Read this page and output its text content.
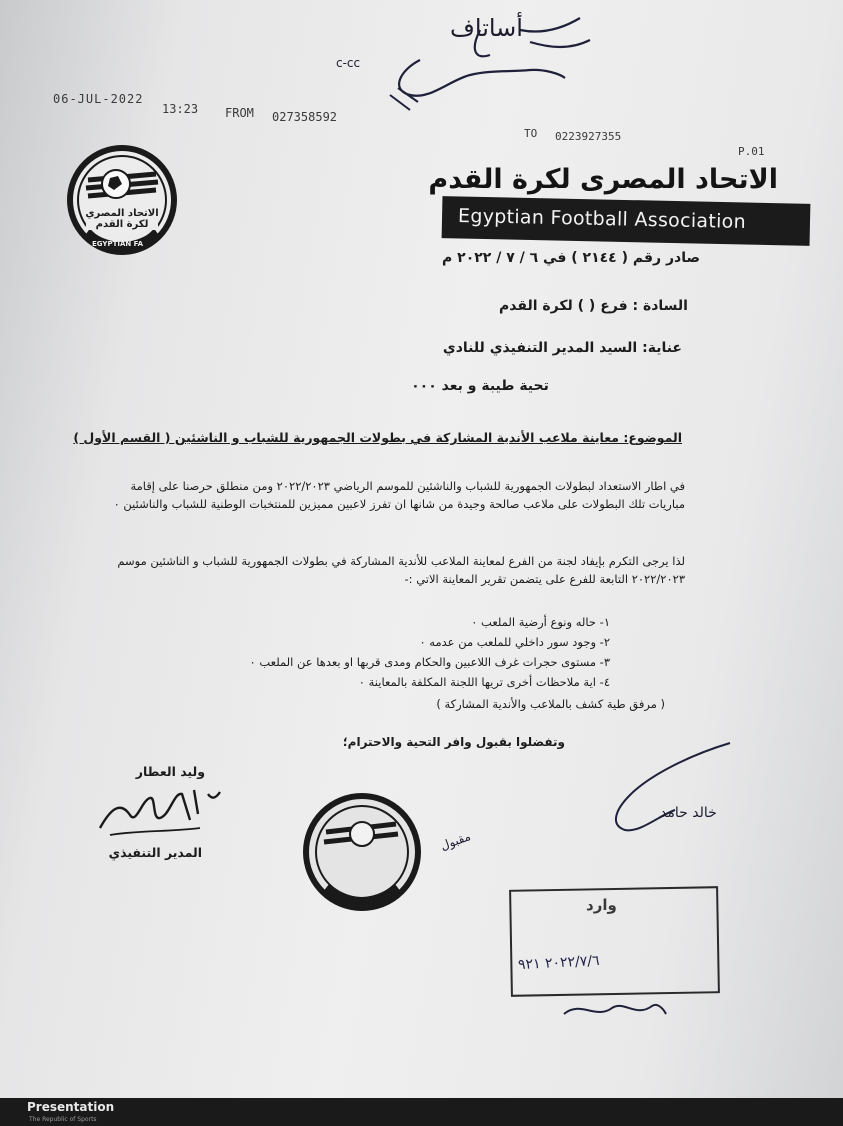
أساتاف
c-cc
06-JUL-2022
13:23 FROM 027358592
TO 0223927355
P.01
الاتحاد المصري لكرة القدم
EGYPTIAN FA
الاتحاد المصرى لكرة القدم
Egyptian Football Association
صادر رقم ( ٢١٤٤ ) في ٦ / ٧ / ٢٠٢٢ م
السادة : فرع ( ) لكرة القدم
عناية: السيد المدير التنفيذي للنادي
تحية طيبة و بعد ٠٠٠
الموضوع: معاينة ملاعب الأندية المشاركة في بطولات الجمهورية للشباب و الناشئين ( القسم الأول )
في اطار الاستعداد لبطولات الجمهورية للشباب والناشئين للموسم الرياضي ٢٠٢٢/٢٠٢٣ ومن منطلق حرصنا على إقامة مباريات تلك البطولات على ملاعب صالحة وجيدة من شانها ان تفرز لاعبين مميزين للمنتخبات الوطنية للشباب والناشئين ٠
لذا يرجى التكرم بإيفاد لجنة من الفرع لمعاينة الملاعب للأندية المشاركة في بطولات الجمهورية للشباب و الناشئين موسم ٢٠٢٢/٢٠٢٣ التابعة للفرع على يتضمن تقرير المعاينة الاتي :-
١- حاله ونوع أرضية الملعب ٠
٢- وجود سور داخلي للملعب من عدمه ٠
٣- مستوى حجرات غرف اللاعبين والحكام ومدى قربها او بعدها عن الملعب ٠
٤- اية ملاحظات أخرى تريها اللجنة المكلفة بالمعاينة ٠
( مرفق طية كشف بالملاعب والأندية المشاركة )
وتفضلوا بقبول وافر التحية والاحترام؛
وليد العطار
المدير التنفيذي
خالد حامد
مقبول
وارد
٢٠٢٢/٧/٦ ٩٢١
Presentation
The Republic of Sports
